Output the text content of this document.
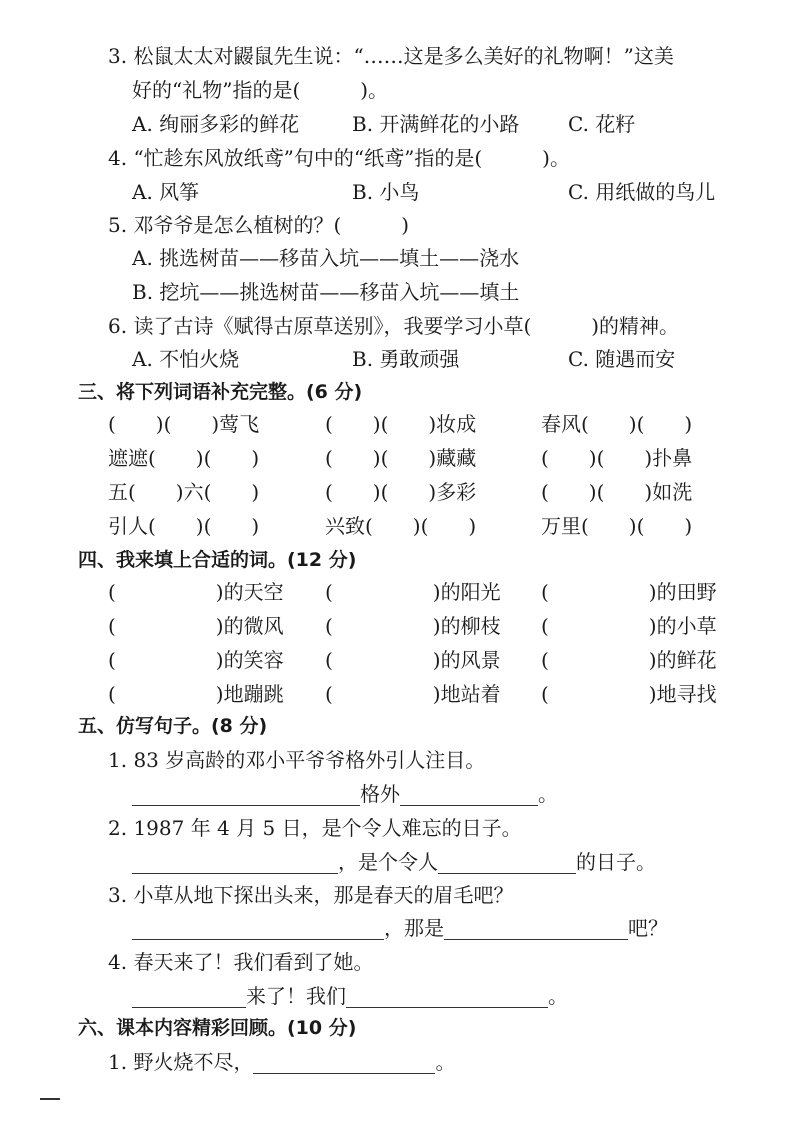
3. 松鼠太太对鼹鼠先生说：“……这是多么美好的礼物啊！”这美
好的“礼物”指的是(　　　)。
A. 绚丽多彩的鲜花	B. 开满鲜花的小路 C. 花籽
4. “忙趁东风放纸鸢”句中的“纸鸢”指的是(　　　)。
A. 风筝	B. 小鸟	C. 用纸做的鸟儿
5. 邓爷爷是怎么植树的？(　　　)
A. 挑选树苗——移苗入坑——填土——浇水
B. 挖坑——挑选树苗——移苗入坑——填土
6. 读了古诗《赋得古原草送别》，我要学习小草(　　　)的精神。
A. 不怕火烧	B. 勇敢顽强	C. 随遇而安
三、将下列词语补充完整。(6 分)
(　　)(　　)莺飞	(　　)(　　)妆成	春风(　　)(　　)
遮遮(　　)(　　)	(　　)(　　)藏藏	(　　)(　　)扑鼻
五(　　)六(　　)	(　　)(　　)多彩	(　　)(　　)如洗
引人(　　)(　　)	兴致(　　)(　　)	万里(　　)(　　)
四、我来填上合适的词。(12 分)
(　　　　　)的天空 (　　　　　)的阳光 (　　　　　)的田野
(　　　　　)的微风 (　　　　　)的柳枝 (　　　　　)的小草
(　　　　　)的笑容 (　　　　　)的风景 (　　　　　)的鲜花
(　　　　　)地蹦跳 (　　　　　)地站着 (　　　　　)地寻找
五、仿写句子。(8 分)
1. 83 岁高龄的邓小平爷爷格外引人注目。
格外	。
2. 1987 年 4 月 5 日，是个令人难忘的日子。
，是个令人	的日子。
3. 小草从地下探出头来，那是春天的眉毛吧？
，那是	吧？
4. 春天来了！我们看到了她。
来了！我们	。
六、课本内容精彩回顾。(10 分)
1. 野火烧不尽，	。
